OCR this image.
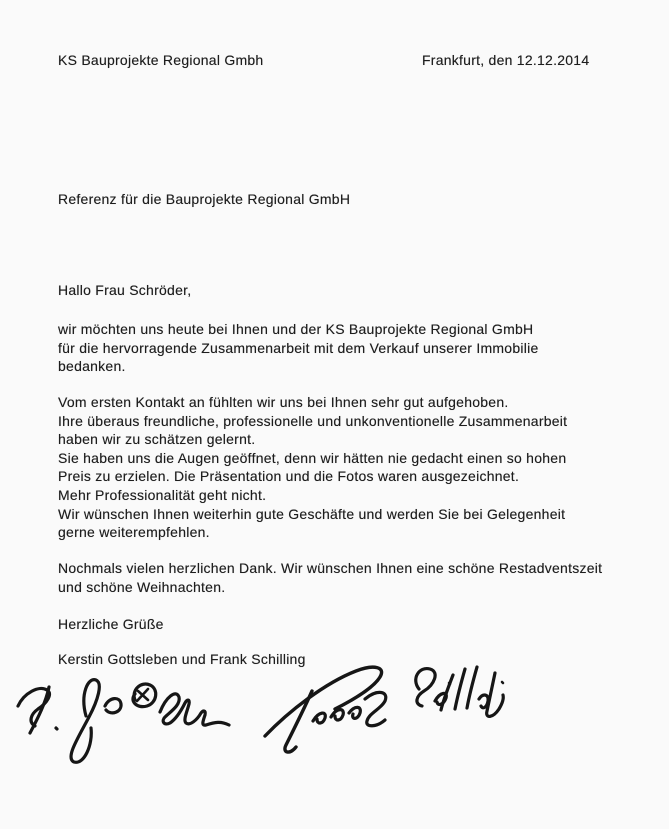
KS Bauprojekte Regional Gmbh	Frankfurt, den 12.12.2014
Referenz für die Bauprojekte Regional GmbH
Hallo Frau Schröder,
wir möchten uns heute bei Ihnen und der KS Bauprojekte Regional GmbH
für die hervorragende Zusammenarbeit mit dem Verkauf unserer Immobilie
bedanken.
Vom ersten Kontakt an fühlten wir uns bei Ihnen sehr gut aufgehoben.
Ihre überaus freundliche, professionelle und unkonventionelle Zusammenarbeit
haben wir zu schätzen gelernt.
Sie haben uns die Augen geöffnet, denn wir hätten nie gedacht einen so hohen
Preis zu erzielen. Die Präsentation und die Fotos waren ausgezeichnet.
Mehr Professionalität geht nicht.
Wir wünschen Ihnen weiterhin gute Geschäfte und werden Sie bei Gelegenheit
gerne weiterempfehlen.
Nochmals vielen herzlichen Dank. Wir wünschen Ihnen eine schöne Restadventszeit
und schöne Weihnachten.
Herzliche Grüße
Kerstin Gottsleben und Frank Schilling
